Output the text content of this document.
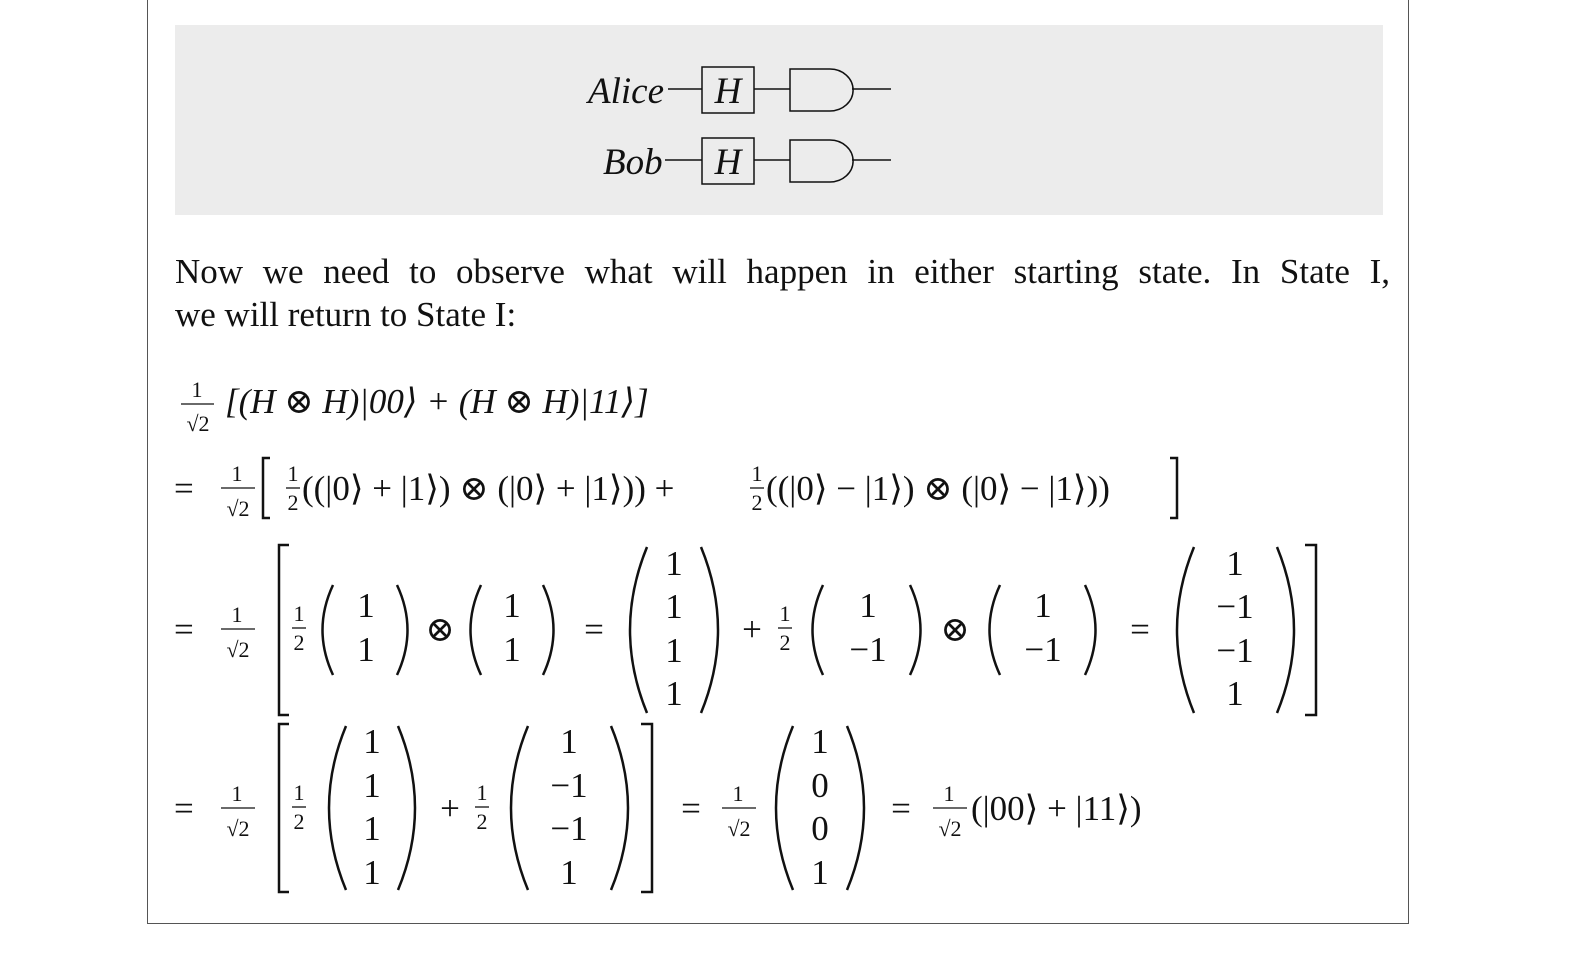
Alice H
Bob H

Now we need to observe what will happen in either starting state. In State I,
we will return to State I:

1
√2
[(H ⊗ H)|00⟩ + (H ⊗ H)|11⟩]
= 1
√2
1
2 ((|0⟩ + |1⟩) ⊗ (|0⟩ + |1⟩)) +	1
2 ((|0⟩ − |1⟩) ⊗ (|0⟩ − |1⟩))
= 1
√2
1
2
1
1
⊗
1
1
=
1
1
1
1
+ 1
2
1
−1
⊗
1
−1
=
1
−1
−1
1
= 1
√2
1
2
1
1
1
1
+ 1
2
1
−1
−1
1
= 1
√2
1
0
0
1
= 1
√2
(|00⟩ + |11⟩)
